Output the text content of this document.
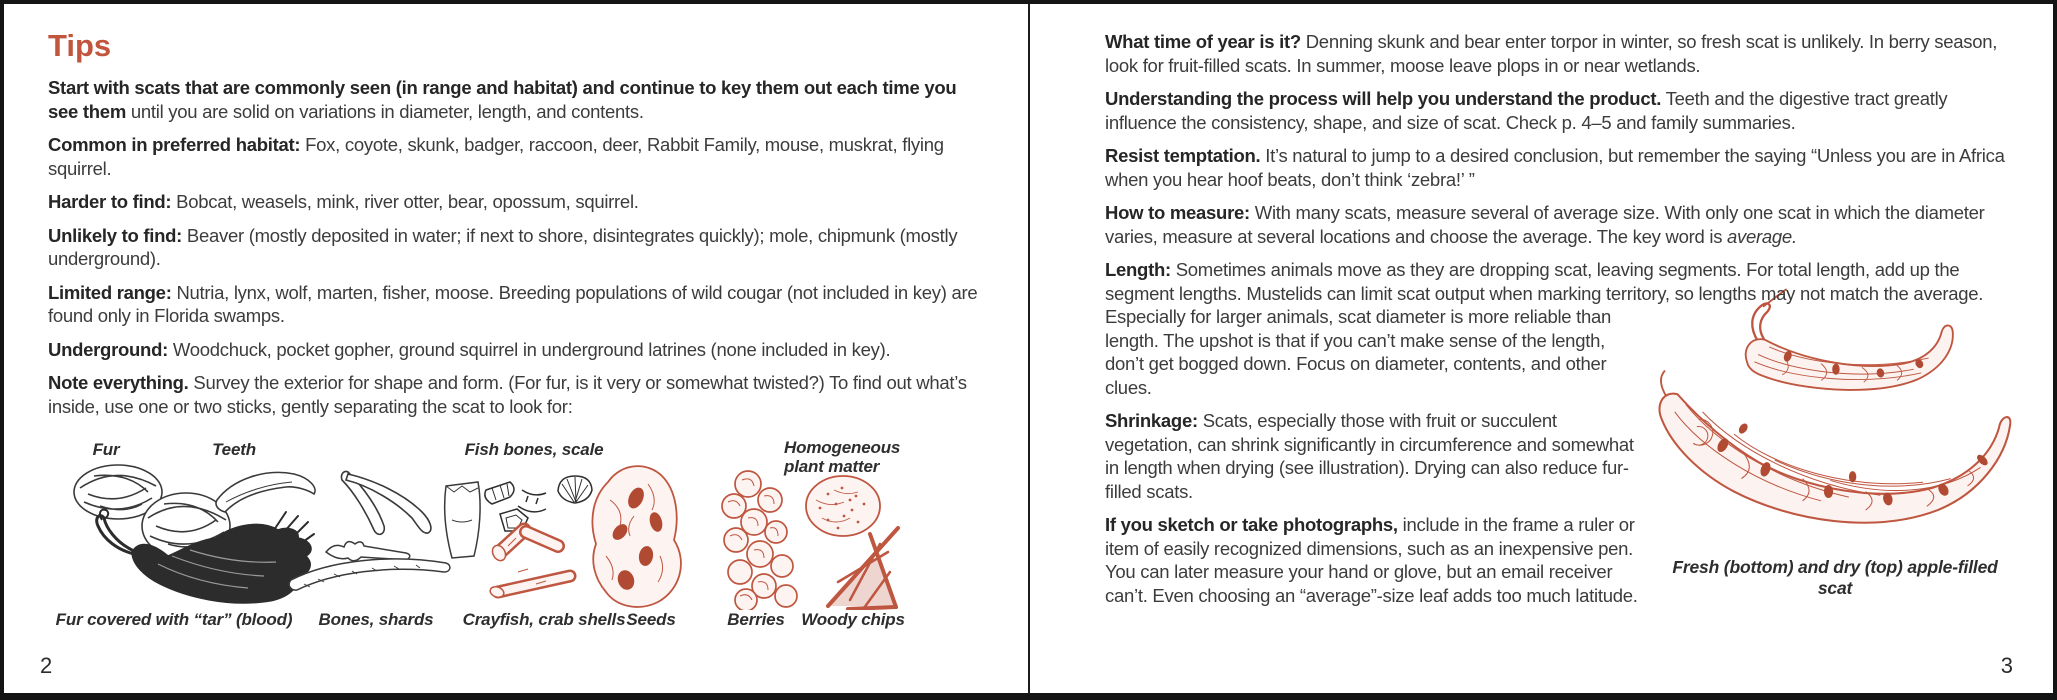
Tips

Start with scats that are commonly seen (in range and habitat) and continue to key them out each time you see them until you are solid on variations in diameter, length, and contents.

Common in preferred habitat: Fox, coyote, skunk, badger, raccoon, deer, Rabbit Family, mouse, muskrat, flying squirrel.

Harder to find: Bobcat, weasels, mink, river otter, bear, opossum, squirrel.

Unlikely to find: Beaver (mostly deposited in water; if next to shore, disintegrates quickly); mole, chipmunk (mostly underground).

Limited range: Nutria, lynx, wolf, marten, fisher, moose. Breeding populations of wild cougar (not included in key) are found only in Florida swamps.

Underground: Woodchuck, pocket gopher, ground squirrel in underground latrines (none included in key).

Note everything. Survey the exterior for shape and form. (For fur, is it very or somewhat twisted?) To find out what’s inside, use one or two sticks, gently separating the scat to look for:

Fur	Teeth	Fish bones, scale	Homogeneous plant matter
Fur covered with “tar” (blood) Bones, shards Crayfish, crab shells Seeds	Berries Woody chips
2

What time of year is it? Denning skunk and bear enter torpor in winter, so fresh scat is unlikely. In berry season, look for fruit-filled scats. In summer, moose leave plops in or near wetlands.

Understanding the process will help you understand the product. Teeth and the digestive tract greatly influence the consistency, shape, and size of scat. Check p. 4–5 and family summaries.

Resist temptation. It’s natural to jump to a desired conclusion, but remember the saying “Unless you are in Africa when you hear hoof beats, don’t think ‘zebra!’ ”

How to measure: With many scats, measure several of average size. With only one scat in which the diameter varies, measure at several locations and choose the average. The key word is average.

Length: Sometimes animals move as they are dropping scat, leaving segments. For total length, add up the segment lengths. Mustelids can limit scat output when marking territory, so lengths may not match
Fresh (bottom) and dry (top) apple-filled scat
the average. Especially for larger animals, scat diameter is more reliable than length. The upshot is that if you can’t make sense of the length, don’t get bogged down. Focus on diameter, contents, and other clues.

Shrinkage: Scats, especially those with fruit or succulent vegetation, can shrink significantly in circumference and somewhat in length when drying (see illustration). Drying can also reduce fur-filled scats.

If you sketch or take photographs, include in the frame a ruler or item of easily recognized dimensions, such as an inexpensive pen. You can later measure your hand or glove, but an email receiver can’t. Even choosing an “average”-size leaf adds too much latitude.

3
